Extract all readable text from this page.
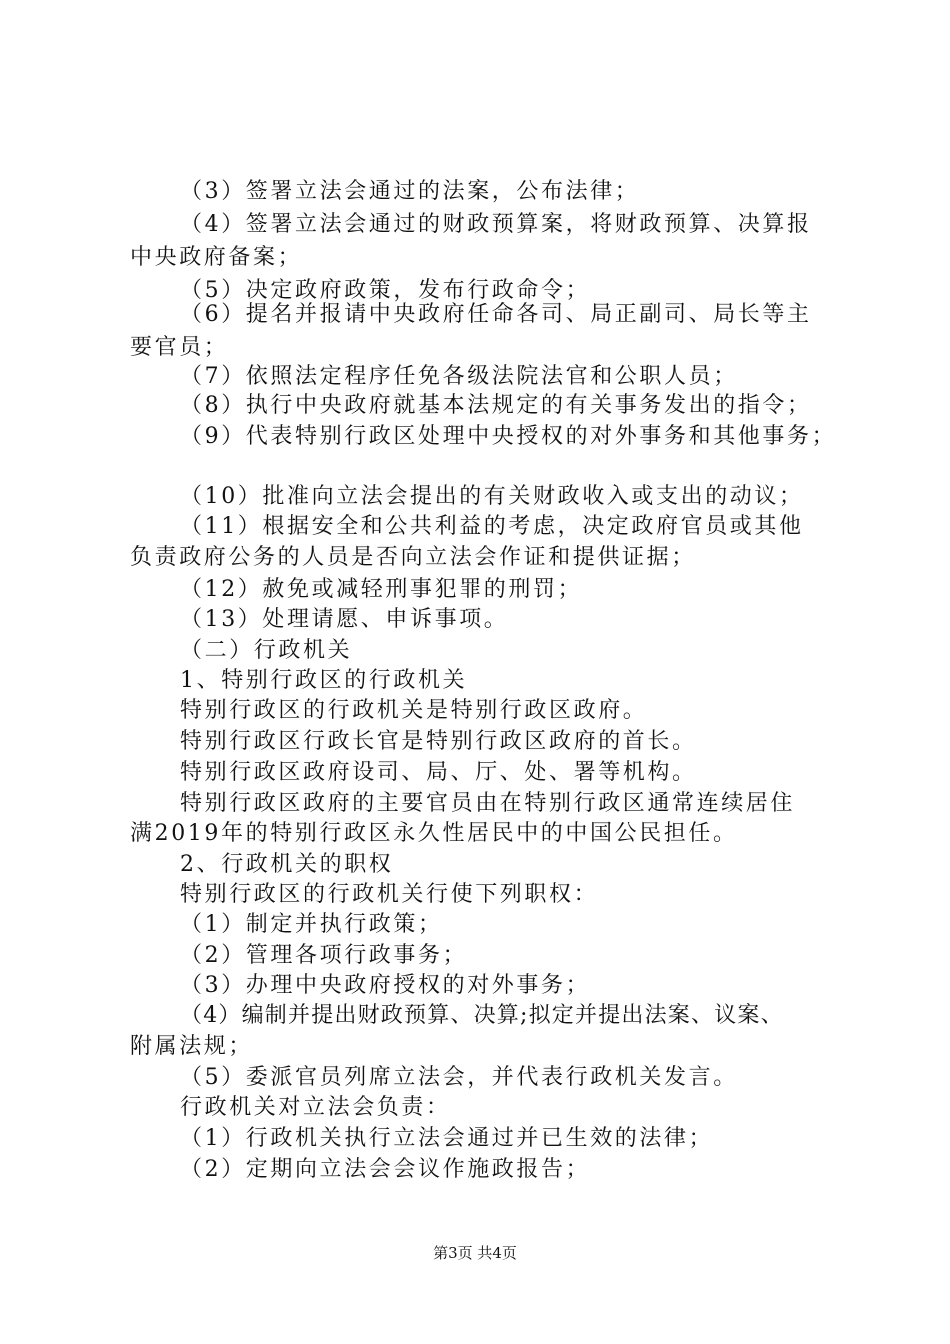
（3）签署立法会通过的法案，公布法律；
（4）签署立法会通过的财政预算案，将财政预算、决算报
中央政府备案；
（5）决定政府政策，发布行政命令；
（6）提名并报请中央政府任命各司、局正副司、局长等主
要官员；
（7）依照法定程序任免各级法院法官和公职人员；
（8）执行中央政府就基本法规定的有关事务发出的指令；
（9）代表特别行政区处理中央授权的对外事务和其他事务；
（10）批准向立法会提出的有关财政收入或支出的动议；
（11）根据安全和公共利益的考虑，决定政府官员或其他
负责政府公务的人员是否向立法会作证和提供证据；
（12）赦免或减轻刑事犯罪的刑罚；
（13）处理请愿、申诉事项。
（二）行政机关
1、特别行政区的行政机关
特别行政区的行政机关是特别行政区政府。
特别行政区行政长官是特别行政区政府的首长。
特别行政区政府设司、局、厅、处、署等机构。
特别行政区政府的主要官员由在特别行政区通常连续居住
满2019年的特别行政区永久性居民中的中国公民担任。
2、行政机关的职权
特别行政区的行政机关行使下列职权：
（1）制定并执行政策；
（2）管理各项行政事务；
（3）办理中央政府授权的对外事务；
（4）编制并提出财政预算、决算;拟定并提出法案、议案、
附属法规；
（5）委派官员列席立法会，并代表行政机关发言。
行政机关对立法会负责：
（1）行政机关执行立法会通过并已生效的法律；
（2）定期向立法会会议作施政报告；
第3页 共4页
